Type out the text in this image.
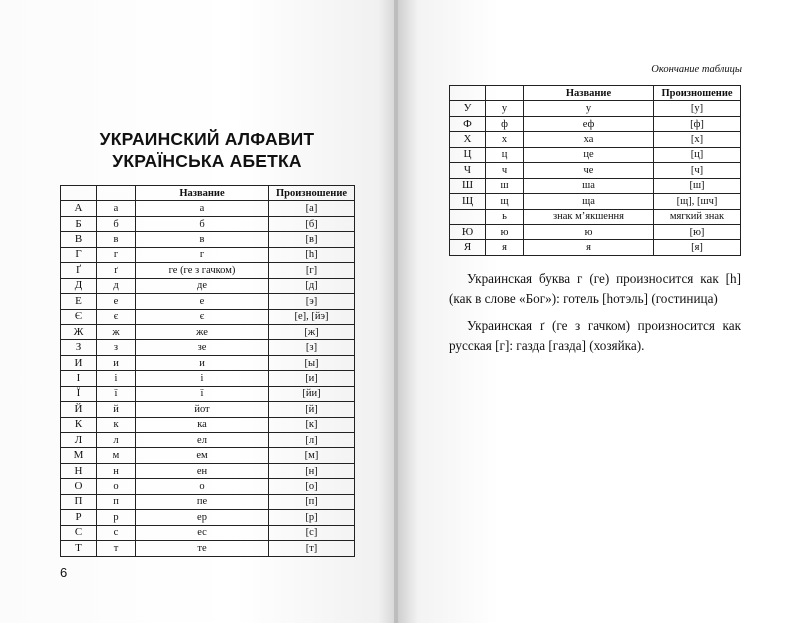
УКРАИНСКИЙ АЛФАВИТ
УКРАЇНСЬКА АБЕТКА
		Название	Произношение
А	а	а	[а]
Б	б	б	[б]
В	в	в	[в]
Г	г	г	[h]
Ґ	ґ	ге (ге з гачком)	[г]
Д	д	де	[д]
Е	е	е	[э]
Є	є	є	[е], [йэ]
Ж	ж	же	[ж]
З	з	зе	[з]
И	и	и	[ы]
І	і	і	[и]
Ї	ї	ї	[йи]
Й	й	йот	[й]
К	к	ка	[к]
Л	л	ел	[л]
М	м	ем	[м]
Н	н	ен	[н]
О	о	о	[о]
П	п	пе	[п]
Р	р	ер	[р]
С	с	ес	[с]
Т	т	те	[т]
6
Окончание таблицы
		Название	Произношение
У	у	у	[у]
Ф	ф	еф	[ф]
Х	х	ха	[х]
Ц	ц	це	[ц]
Ч	ч	че	[ч]
Ш	ш	ша	[ш]
Щ	щ	ща	[щ], [шч]
	ь	знак м’якшення	мягкий знак
Ю	ю	ю	[ю]
Я	я	я	[я]

Украинская буква г (ге) произносится как [h] (как в слове «Бог»): готель [hотэль] (гостиница)

Украинская ґ (ге з гачком) произносится как русская [г]: газда [газда] (хозяйка).
